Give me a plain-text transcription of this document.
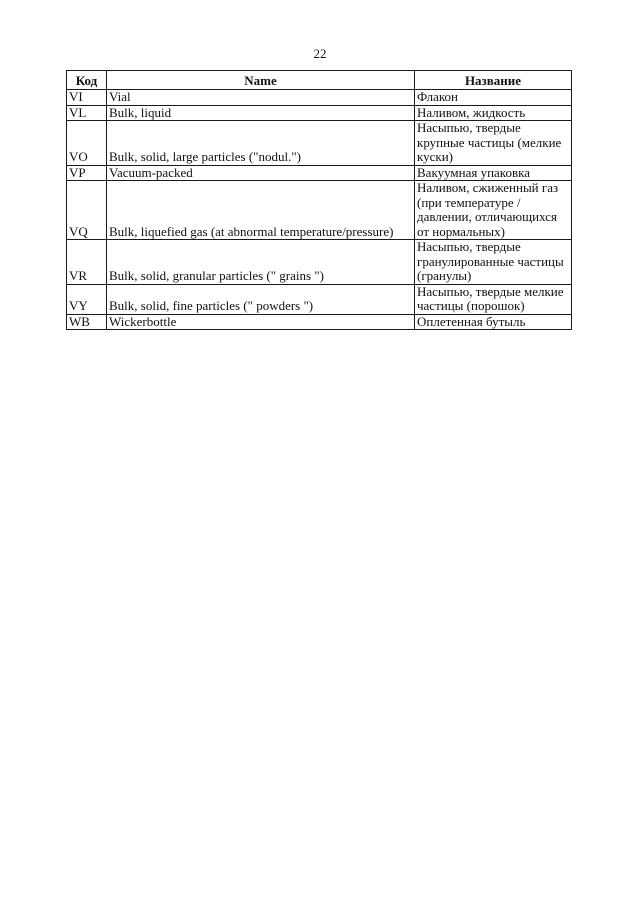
22
Код	Name	Название
VI	Vial	Флакон
VL	Bulk, liquid	Наливом, жидкость
VO	Bulk, solid, large particles ("nodul.")	Насыпью, твердые крупные частицы (мелкие куски)
VP	Vacuum-packed	Вакуумная упаковка
VQ	Bulk, liquefied gas (at abnormal temperature/pressure)	Наливом, сжиженный газ (при температуре / давлении, отличающихся от нормальных)
VR	Bulk, solid, granular particles (" grains ")	Насыпью, твердые гранулированные частицы (гранулы)
VY	Bulk, solid, fine particles (" powders ")	Насыпью, твердые мелкие частицы (порошок)
WB	Wickerbottle	Оплетенная бутыль
